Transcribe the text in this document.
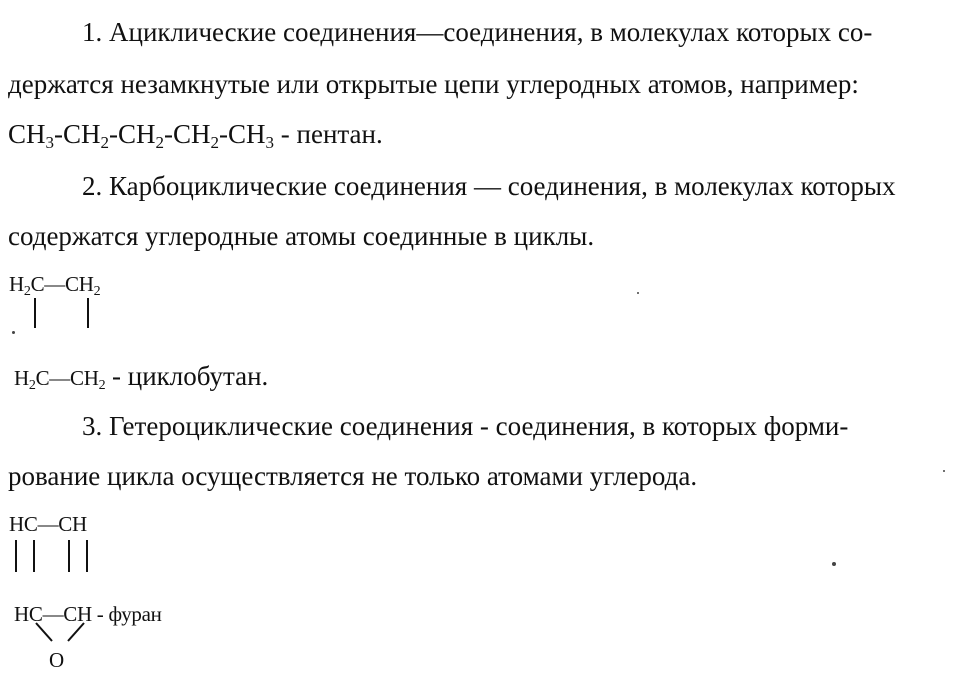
1. Ациклические соединения—соединения, в молекулах которых со-
держатся незамкнутые или открытые цепи углеродных атомов, например:
$CH_3-CH_2-CH_2-CH_2-CH_3$ - пентан.
2. Карбоциклические соединения — соединения, в молекулах которых
содержатся углеродные атомы соединные в циклы.
$H_2C—CH_2$
$H_2C—CH_2$ - циклобутан.
3. Гетероциклические соединения - соединения, в которых форми-
рование цикла осуществляется не только атомами углерода.
HC—CH
HC—CH - фуран
O
